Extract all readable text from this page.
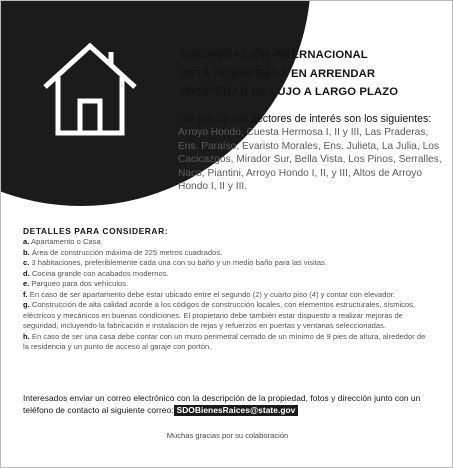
ORGANIZACIÓN INTERNACIONAL
ESTÁ INTERESADA EN ARRENDAR
PROPIEDAD DE LUJO A LARGO PLAZO
Los principales sectores de interés son los siguientes:
Arroyo Hondo, Cuesta Hermosa I, II y III, Las Praderas, Ens. Paraíso, Evaristo Morales, Ens. Julieta, La Julia, Los Cacicazgos, Mirador Sur, Bella Vista, Los Pinos, Serralles, Naco, Piantini, Arroyo Hondo I, II, y III, Altos de Arroyo Hondo I, II y III.
DETALLES PARA CONSIDERAR:

a. Apartamento o Casa

b. Área de construcción máxima de 225 metros cuadrados.

c. 3 habitaciones, preferiblemente cada una con su baño y un medio baño para las visitas.

d. Cocina grande con acabados modernos.

e. Parqueo para dos vehículos.

f. En caso de ser apartamento debe estar ubicado entre el segundo (2) y cuarto piso (4) y contar con elevador.

g. Construcción de alta calidad acorde a los códigos de construcción locales, con elementos estructurales, sísmicos, eléctricos y mecánicos en buenas condiciones. El propietario debe también estar dispuesto a realizar mejoras de seguridad, incluyendo la fabricación e instalación de rejas y refuerzos en puertas y ventanas seleccionadas.

h. En caso de ser una casa debe contar con un muro perimetral cerrado de un mínimo de 9 pies de altura, alrededor de la residencia y un punto de acceso al garaje con portón.

Interesados enviar un correo electrónico con la descripción de la propiedad, fotos y dirección junto con un teléfono de contacto al siguiente correo: SDOBienesRaices@state.gov
Muchas gracias por su colaboración
